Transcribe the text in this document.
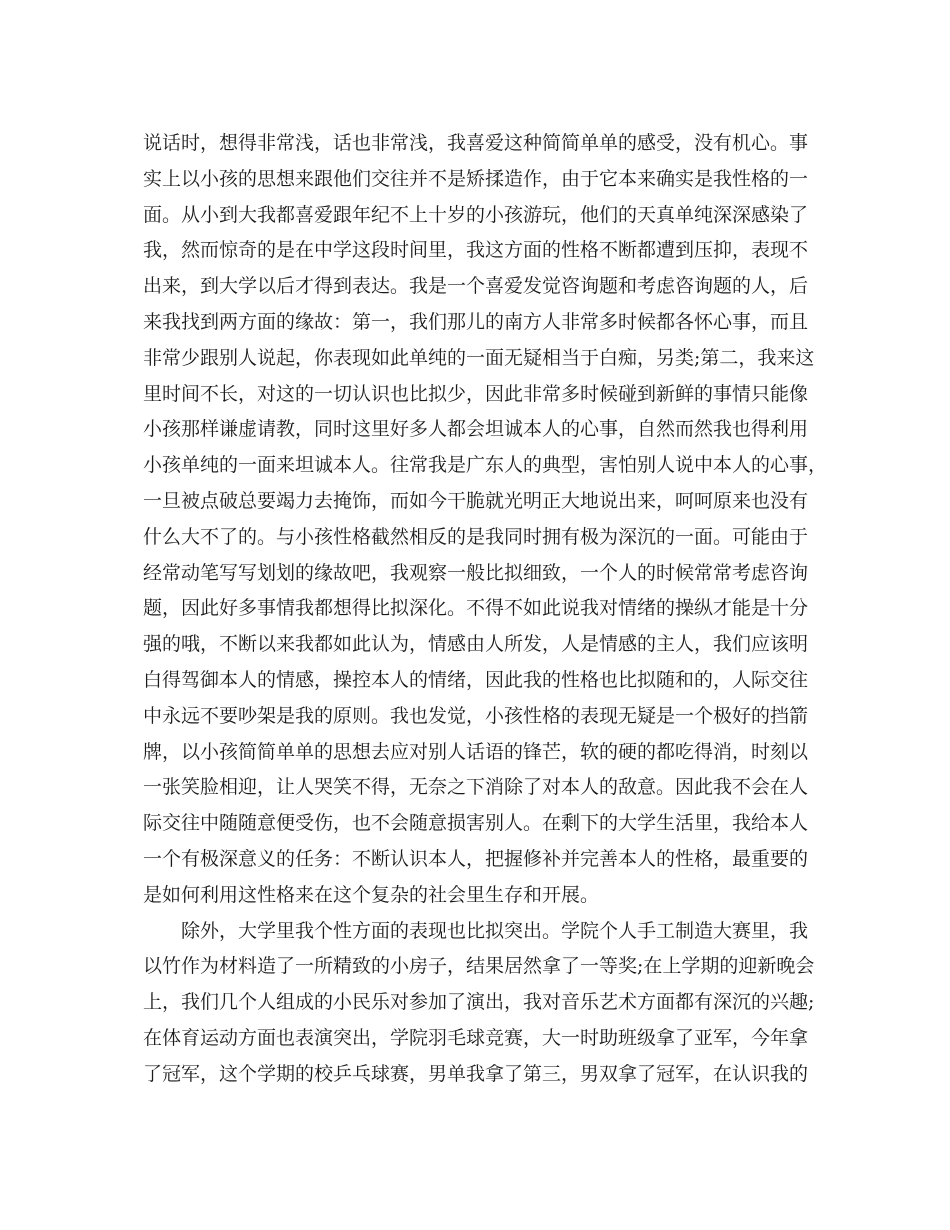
说话时，想得非常浅，话也非常浅，我喜爱这种简简单单的感受，没有机心。事
实上以小孩的思想来跟他们交往并不是矫揉造作，由于它本来确实是我性格的一
面。从小到大我都喜爱跟年纪不上十岁的小孩游玩，他们的天真单纯深深感染了
我，然而惊奇的是在中学这段时间里，我这方面的性格不断都遭到压抑，表现不
出来，到大学以后才得到表达。我是一个喜爱发觉咨询题和考虑咨询题的人，后
来我找到两方面的缘故：第一，我们那儿的南方人非常多时候都各怀心事，而且
非常少跟别人说起，你表现如此单纯的一面无疑相当于白痴，另类;第二，我来这
里时间不长，对这的一切认识也比拟少，因此非常多时候碰到新鲜的事情只能像
小孩那样谦虚请教，同时这里好多人都会坦诚本人的心事，自然而然我也得利用
小孩单纯的一面来坦诚本人。往常我是广东人的典型，害怕别人说中本人的心事，
一旦被点破总要竭力去掩饰，而如今干脆就光明正大地说出来，呵呵原来也没有
什么大不了的。与小孩性格截然相反的是我同时拥有极为深沉的一面。可能由于
经常动笔写写划划的缘故吧，我观察一般比拟细致，一个人的时候常常考虑咨询
题，因此好多事情我都想得比拟深化。不得不如此说我对情绪的操纵才能是十分
强的哦，不断以来我都如此认为，情感由人所发，人是情感的主人，我们应该明
白得驾御本人的情感，操控本人的情绪，因此我的性格也比拟随和的，人际交往
中永远不要吵架是我的原则。我也发觉，小孩性格的表现无疑是一个极好的挡箭
牌，以小孩简简单单的思想去应对别人话语的锋芒，软的硬的都吃得消，时刻以
一张笑脸相迎，让人哭笑不得，无奈之下消除了对本人的敌意。因此我不会在人
际交往中随随意便受伤，也不会随意损害别人。在剩下的大学生活里，我给本人
一个有极深意义的任务：不断认识本人，把握修补并完善本人的性格，最重要的
是如何利用这性格来在这个复杂的社会里生存和开展。
除外，大学里我个性方面的表现也比拟突出。学院个人手工制造大赛里，我
以竹作为材料造了一所精致的小房子，结果居然拿了一等奖;在上学期的迎新晚会
上，我们几个人组成的小民乐对参加了演出，我对音乐艺术方面都有深沉的兴趣;
在体育运动方面也表演突出，学院羽毛球竞赛，大一时助班级拿了亚军，今年拿
了冠军，这个学期的校乒乓球赛，男单我拿了第三，男双拿了冠军，在认识我的
